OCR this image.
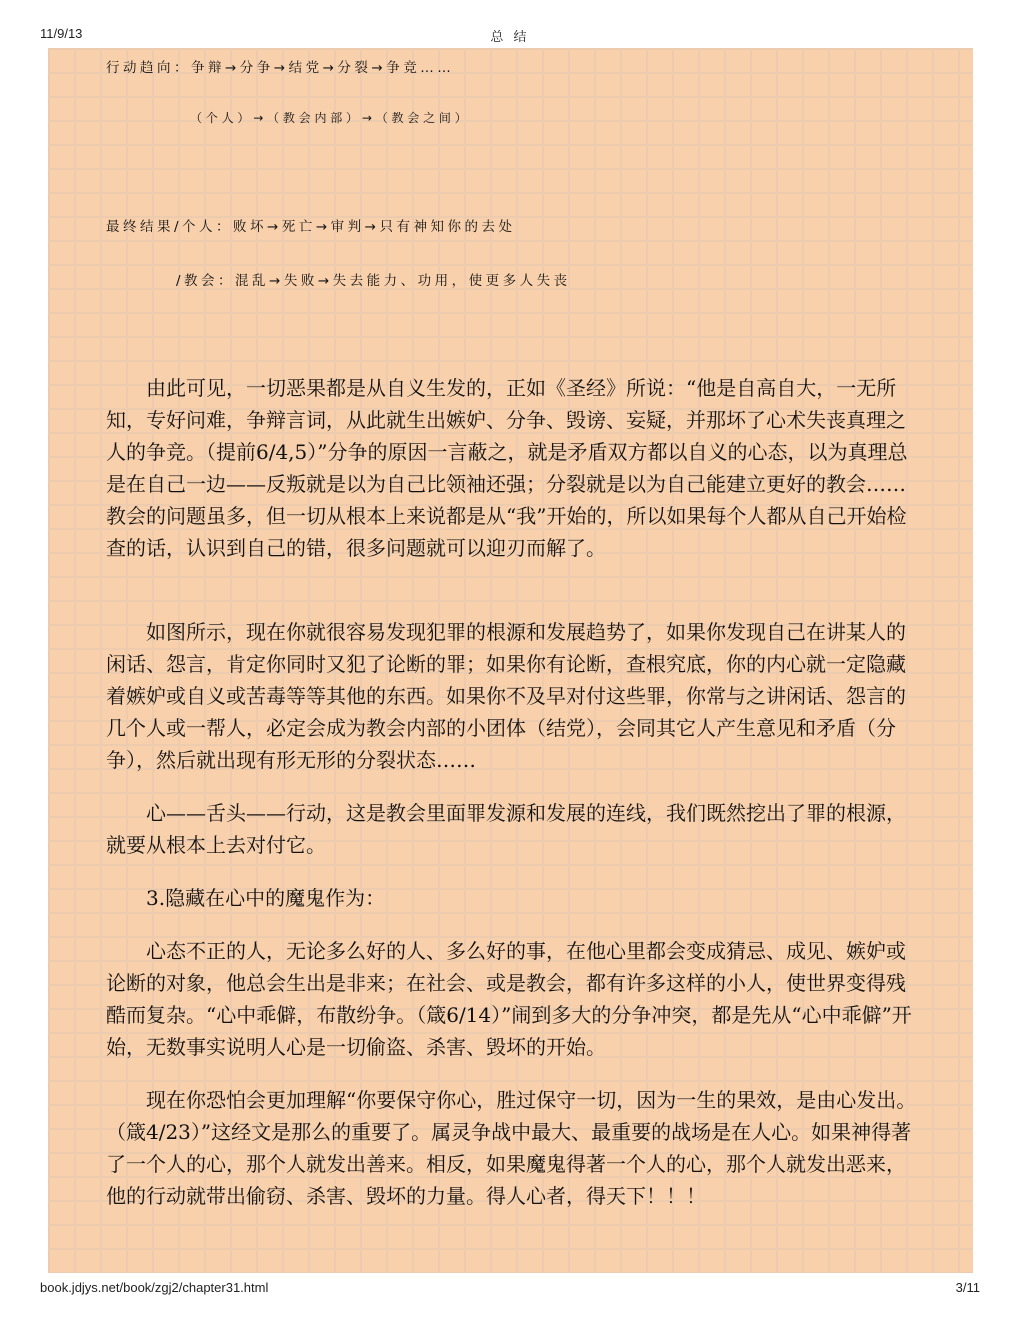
11/9/13	总 结
行动趋向：争辩→分争→结党→分裂→争竞……
（个人）→（教会内部）→（教会之间）
最终结果/个人：败坏→死亡→审判→只有神知你的去处
/教会：混乱→失败→失去能力、功用，使更多人失丧

由此可见，一切恶果都是从自义生发的，正如《圣经》所说：“他是自高自大，一无所知，专好问难，争辩言词，从此就生出嫉妒、分争、毁谤、妄疑，并那坏了心术失丧真理之人的争竞。（提前6/4,5）”分争的原因一言蔽之，就是矛盾双方都以自义的心态，以为真理总是在自己一边——反叛就是以为自己比领袖还强；分裂就是以为自己能建立更好的教会……教会的问题虽多，但一切从根本上来说都是从“我”开始的，所以如果每个人都从自己开始检查的话，认识到自己的错，很多问题就可以迎刃而解了。

如图所示，现在你就很容易发现犯罪的根源和发展趋势了，如果你发现自己在讲某人的闲话、怨言，肯定你同时又犯了论断的罪；如果你有论断，查根究底，你的内心就一定隐藏着嫉妒或自义或苦毒等等其他的东西。如果你不及早对付这些罪，你常与之讲闲话、怨言的几个人或一帮人，必定会成为教会内部的小团体（结党），会同其它人产生意见和矛盾（分争），然后就出现有形无形的分裂状态……

心——舌头——行动，这是教会里面罪发源和发展的连线，我们既然挖出了罪的根源，就要从根本上去对付它。

3.隐藏在心中的魔鬼作为：

心态不正的人，无论多么好的人、多么好的事，在他心里都会变成猜忌、成见、嫉妒或论断的对象，他总会生出是非来；在社会、或是教会，都有许多这样的小人，使世界变得残酷而复杂。“心中乖僻，布散纷争。（箴6/14）”闹到多大的分争冲突，都是先从“心中乖僻”开始，无数事实说明人心是一切偷盗、杀害、毁坏的开始。

现在你恐怕会更加理解“你要保守你心，胜过保守一切，因为一生的果效，是由心发出。（箴4/23）”这经文是那么的重要了。属灵争战中最大、最重要的战场是在人心。如果神得著了一个人的心，那个人就发出善来。相反，如果魔鬼得著一个人的心，那个人就发出恶来，他的行动就带出偷窃、杀害、毁坏的力量。得人心者，得天下！！！

book.jdjys.net/book/zgj2/chapter31.html	3/11
